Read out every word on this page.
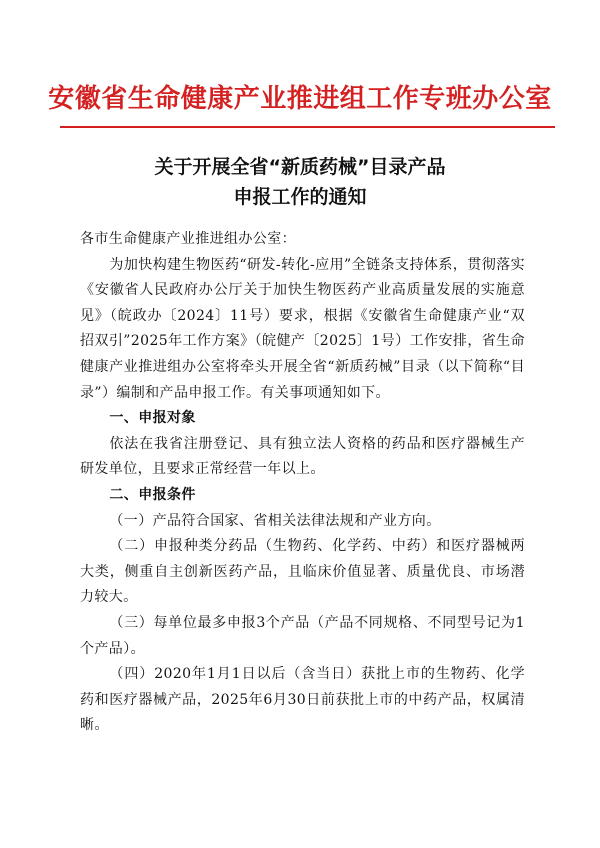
安徽省生命健康产业推进组工作专班办公室
关于开展全省“新质药械”目录产品
申报工作的通知

各市生命健康产业推进组办公室：

为加快构建生物医药“研发-转化-应用”全链条支持体系，贯彻落实《安徽省人民政府办公厅关于加快生物医药产业高质量发展的实施意见》（皖政办〔2024〕11号）要求，根据《安徽省生命健康产业“双招双引”2025年工作方案》（皖健产〔2025〕1号）工作安排，省生命健康产业推进组办公室将牵头开展全省“新质药械”目录（以下简称“目录”）编制和产品申报工作。有关事项通知如下。

一、申报对象

依法在我省注册登记、具有独立法人资格的药品和医疗器械生产研发单位，且要求正常经营一年以上。

二、申报条件

（一）产品符合国家、省相关法律法规和产业方向。

（二）申报种类分药品（生物药、化学药、中药）和医疗器械两大类，侧重自主创新医药产品，且临床价值显著、质量优良、市场潜力较大。

（三）每单位最多申报3个产品（产品不同规格、不同型号记为1个产品）。

（四）2020年1月1日以后（含当日）获批上市的生物药、化学药和医疗器械产品，2025年6月30日前获批上市的中药产品，权属清晰。
